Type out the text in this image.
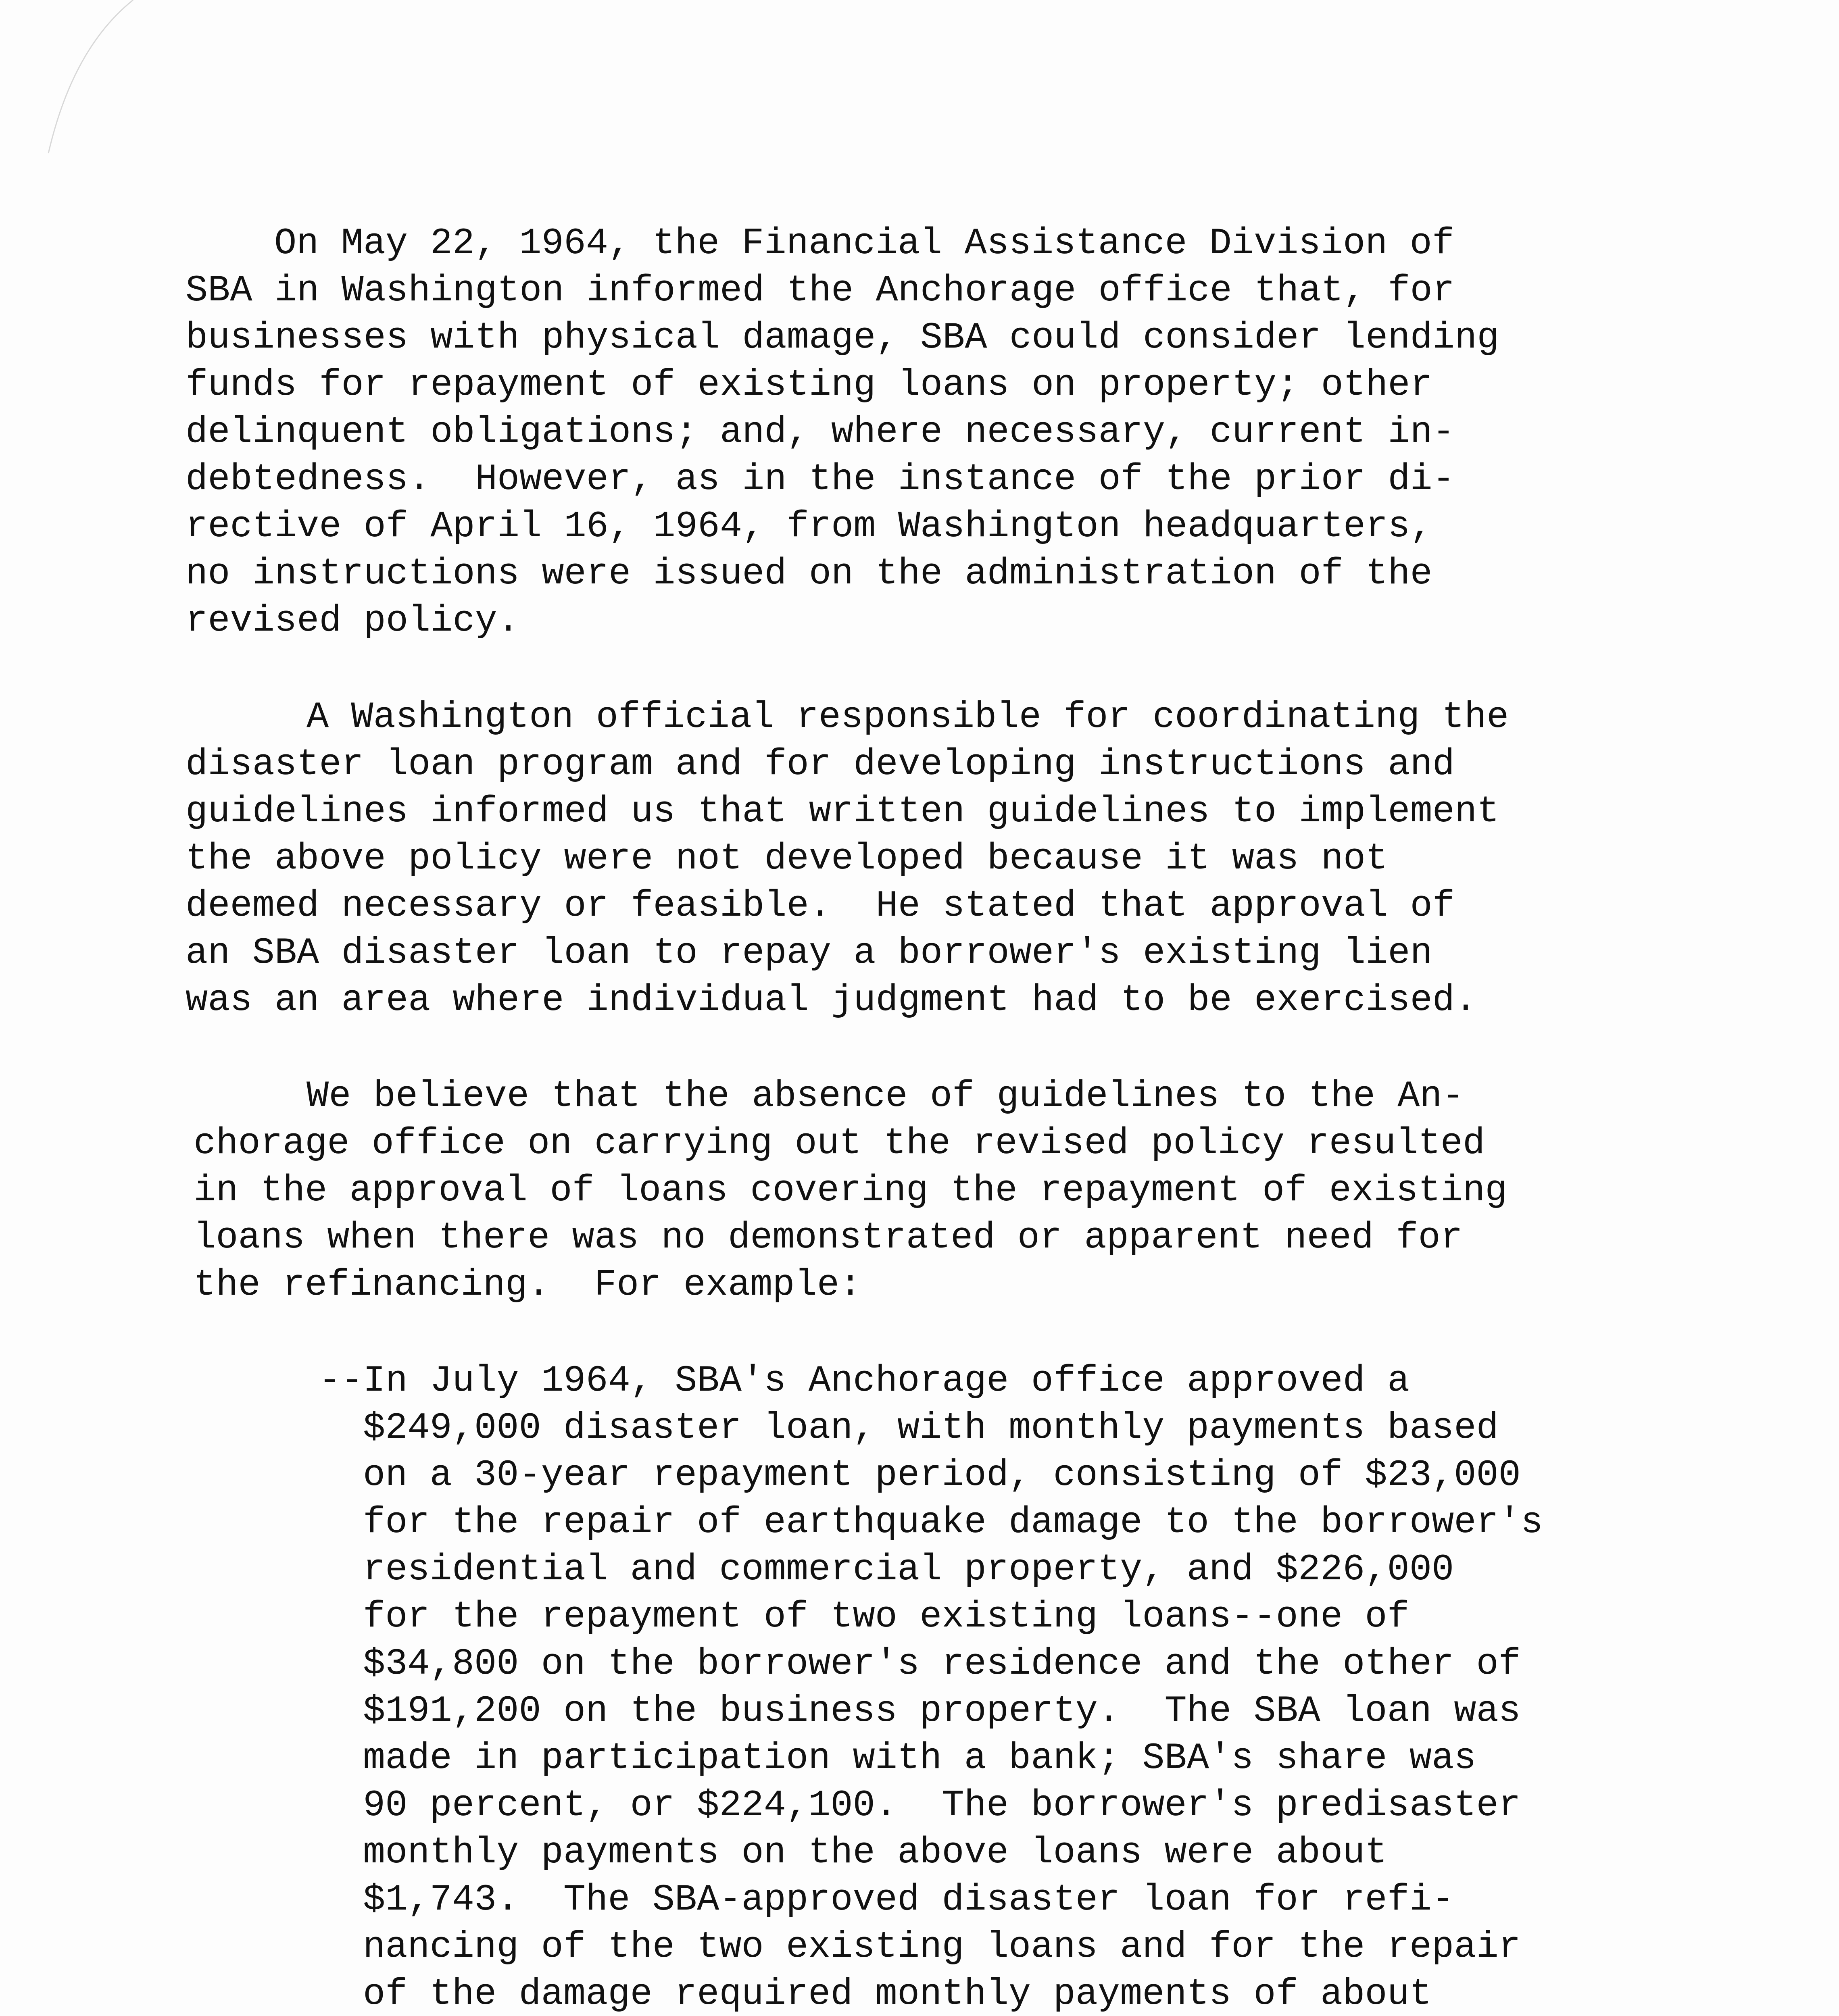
On May 22, 1964, the Financial Assistance Division of
SBA in Washington informed the Anchorage office that, for
businesses with physical damage, SBA could consider lending
funds for repayment of existing loans on property; other
delinquent obligations; and, where necessary, current in-
debtedness.  However, as in the instance of the prior di-
rective of April 16, 1964, from Washington headquarters,
no instructions were issued on the administration of the
revised policy.
A Washington official responsible for coordinating the
disaster loan program and for developing instructions and
guidelines informed us that written guidelines to implement
the above policy were not developed because it was not
deemed necessary or feasible.  He stated that approval of
an SBA disaster loan to repay a borrower's existing lien
was an area where individual judgment had to be exercised.
We believe that the absence of guidelines to the An-
chorage office on carrying out the revised policy resulted
in the approval of loans covering the repayment of existing
loans when there was no demonstrated or apparent need for
the refinancing.  For example:
--In July 1964, SBA's Anchorage office approved a
$249,000 disaster loan, with monthly payments based
on a 30-year repayment period, consisting of $23,000
for the repair of earthquake damage to the borrower's
residential and commercial property, and $226,000
for the repayment of two existing loans--one of
$34,800 on the borrower's residence and the other of
$191,200 on the business property.  The SBA loan was
made in participation with a bank; SBA's share was
90 percent, or $224,100.  The borrower's predisaster
monthly payments on the above loans were about
$1,743.  The SBA-approved disaster loan for refi-
nancing of the two existing loans and for the repair
of the damage required monthly payments of about
